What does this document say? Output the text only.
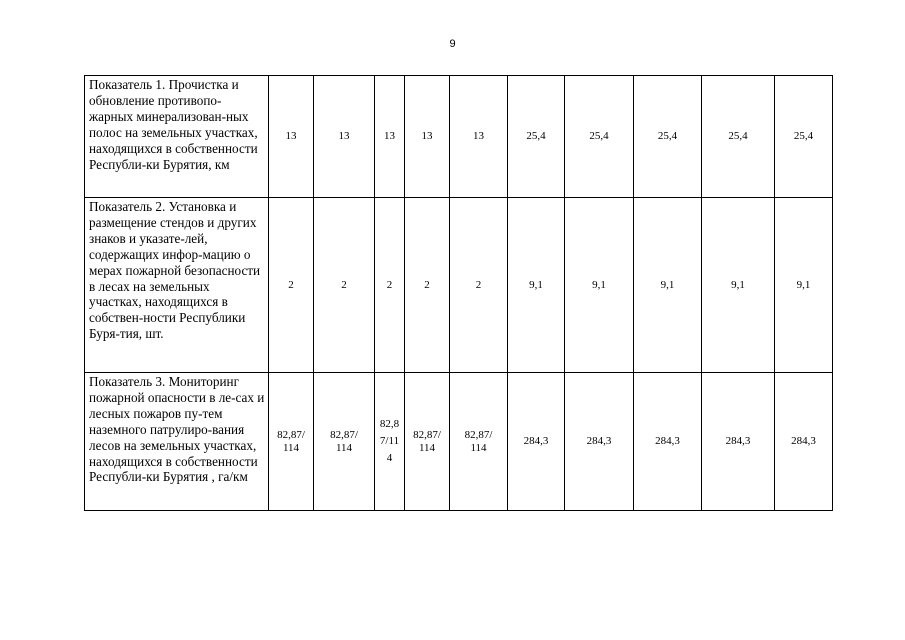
9
Показатель 1. Прочистка и обновление противопо-жарных минерализован-ных полос на земельных участках, находящихся в собственности Республи-ки Бурятия, км	13	13	13	13	13	25,4	25,4	25,4	25,4	25,4
Показатель 2. Установка и размещение стендов и других знаков и указате-лей, содержащих инфор-мацию о мерах пожарной безопасности в лесах на земельных участках, находящихся в собствен-ности Республики Буря-тия, шт.	2	2	2	2	2	9,1	9,1	9,1	9,1	9,1
Показатель 3. Мониторинг пожарной опасности в ле-сах и лесных пожаров пу-тем наземного патрулиро-вания лесов на земельных участках, находящихся в собственности Республи-ки Бурятия , га/км	82,87/ 114	82,87/ 114	82,87/114	82,87/ 114	82,87/ 114	284,3	284,3	284,3	284,3	284,3
